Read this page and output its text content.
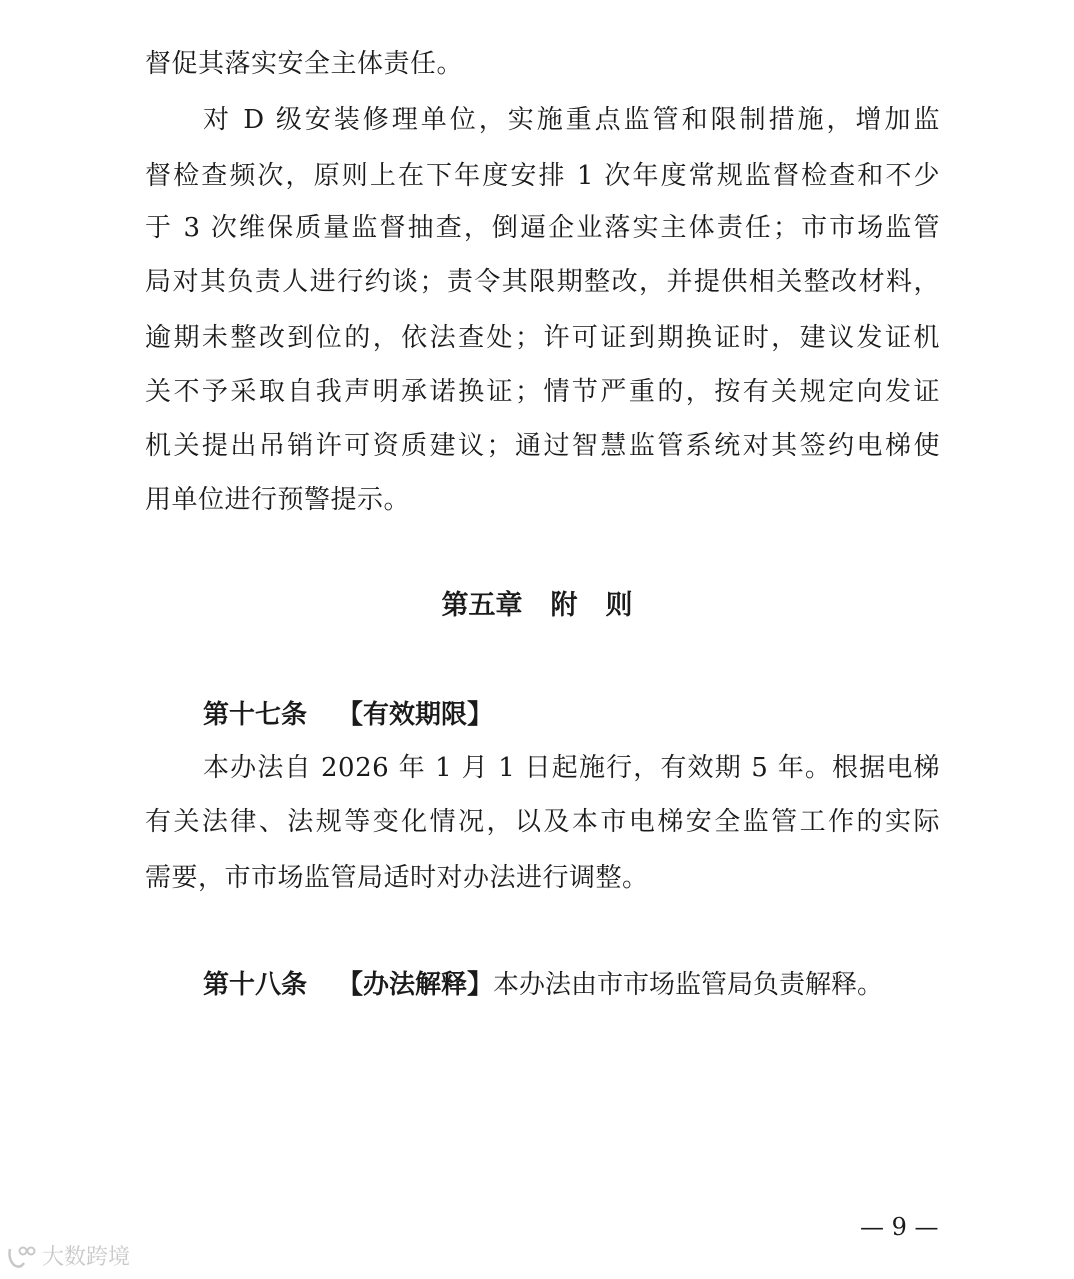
督促其落实安全主体责任。
对 D 级安装修理单位，实施重点监管和限制措施，增加监
督检查频次，原则上在下年度安排 1 次年度常规监督检查和不少
于 3 次维保质量监督抽查，倒逼企业落实主体责任；市市场监管
局对其负责人进行约谈；责令其限期整改，并提供相关整改材料，
逾期未整改到位的，依法查处；许可证到期换证时，建议发证机
关不予采取自我声明承诺换证；情节严重的，按有关规定向发证
机关提出吊销许可资质建议；通过智慧监管系统对其签约电梯使
用单位进行预警提示。
第五章 附 则
第十七条 【有效期限】
本办法自 2026 年 1 月 1 日起施行，有效期 5 年。根据电梯
有关法律、法规等变化情况，以及本市电梯安全监管工作的实际
需要，市市场监管局适时对办法进行调整。
第十八条 【办法解释】本办法由市市场监管局负责解释。
— 9 —
大数跨境
